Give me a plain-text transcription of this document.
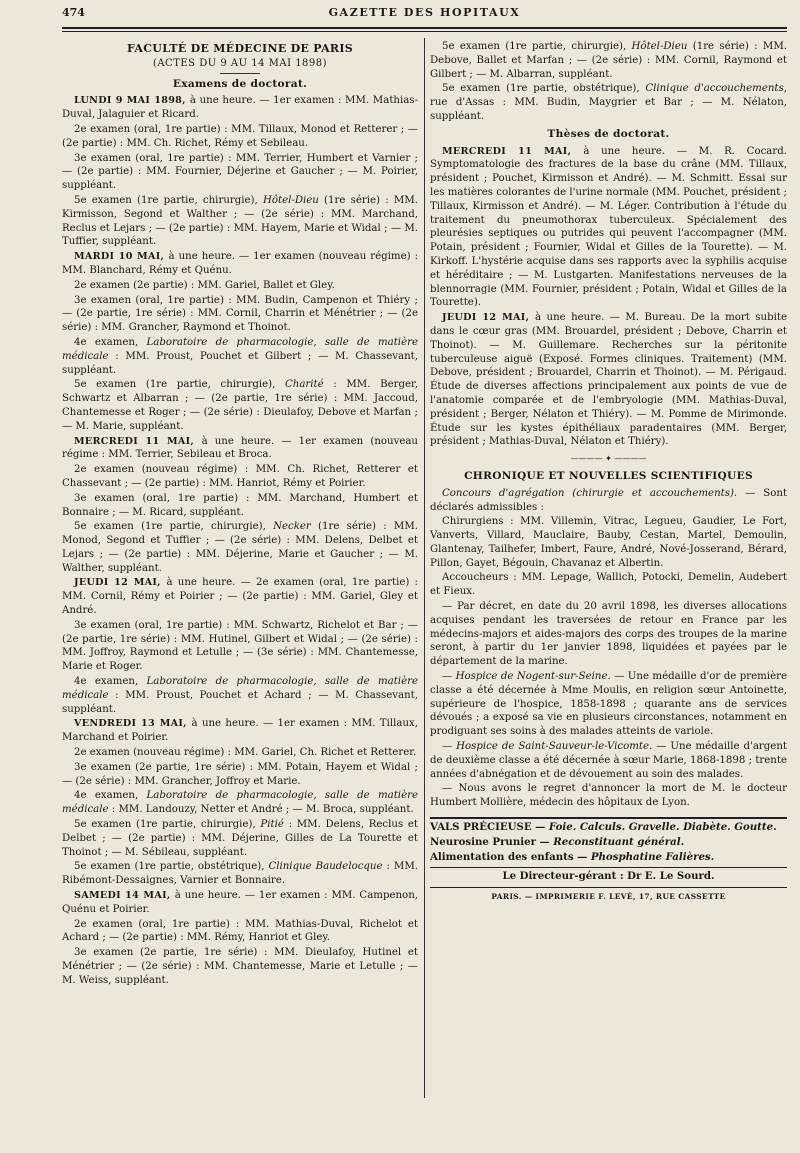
474	GAZETTE DES HOPITAUX
FACULTÉ DE MÉDECINE DE PARIS
(ACTES DU 9 AU 14 MAI 1898)
Examens de doctorat.

LUNDI 9 MAI 1898, à une heure. — 1er examen : MM. Mathias-Duval, Jalaguier et Ricard.

2e examen (oral, 1re partie) : MM. Tillaux, Monod et Retterer ; — (2e partie) : MM. Ch. Richet, Rémy et Sebileau.

3e examen (oral, 1re partie) : MM. Terrier, Humbert et Varnier ; — (2e partie) : MM. Fournier, Déjerine et Gaucher ; — M. Poirier, suppléant.

5e examen (1re partie, chirurgie), Hôtel-Dieu (1re série) : MM. Kirmisson, Segond et Walther ; — (2e série) : MM. Marchand, Reclus et Lejars ; — (2e partie) : MM. Hayem, Marie et Widal ; — M. Tuffier, suppléant.

MARDI 10 MAI, à une heure. — 1er examen (nouveau régime) : MM. Blanchard, Rémy et Quénu.

2e examen (2e partie) : MM. Gariel, Ballet et Gley.

3e examen (oral, 1re partie) : MM. Budin, Campenon et Thiéry ; — (2e partie, 1re série) : MM. Cornil, Charrin et Ménétrier ; — (2e série) : MM. Grancher, Raymond et Thoinot.

4e examen, Laboratoire de pharmacologie, salle de matière médicale : MM. Proust, Pouchet et Gilbert ; — M. Chassevant, suppléant.

5e examen (1re partie, chirurgie), Charité : MM. Berger, Schwartz et Albarran ; — (2e partie, 1re série) : MM. Jaccoud, Chantemesse et Roger ; — (2e série) : Dieulafoy, Debove et Marfan ; — M. Marie, suppléant.

MERCREDI 11 MAI, à une heure. — 1er examen (nouveau régime : MM. Terrier, Sebileau et Broca.

2e examen (nouveau régime) : MM. Ch. Richet, Retterer et Chassevant ; — (2e partie) : MM. Hanriot, Rémy et Poirier.

3e examen (oral, 1re partie) : MM. Marchand, Humbert et Bonnaire ; — M. Ricard, suppléant.

5e examen (1re partie, chirurgie), Necker (1re série) : MM. Monod, Segond et Tuffier ; — (2e série) : MM. Delens, Delbet et Lejars ; — (2e partie) : MM. Déjerine, Marie et Gaucher ; — M. Walther, suppléant.

JEUDI 12 MAI, à une heure. — 2e examen (oral, 1re partie) : MM. Cornil, Rémy et Poirier ; — (2e partie) : MM. Gariel, Gley et André.

3e examen (oral, 1re partie) : MM. Schwartz, Richelot et Bar ; — (2e partie, 1re série) : MM. Hutinel, Gilbert et Widal ; — (2e série) : MM. Joffroy, Raymond et Letulle ; — (3e série) : MM. Chantemesse, Marie et Roger.

4e examen, Laboratoire de pharmacologie, salle de matière médicale : MM. Proust, Pouchet et Achard ; — M. Chassevant, suppléant.

VENDREDI 13 MAI, à une heure. — 1er examen : MM. Tillaux, Marchand et Poirier.

2e examen (nouveau régime) : MM. Gariel, Ch. Richet et Retterer.

3e examen (2e partie, 1re série) : MM. Potain, Hayem et Widal ; — (2e série) : MM. Grancher, Joffroy et Marie.

4e examen, Laboratoire de pharmacologie, salle de matière médicale : MM. Landouzy, Netter et André ; — M. Broca, suppléant.

5e examen (1re partie, chirurgie), Pitié : MM. Delens, Reclus et Delbet ; — (2e partie) : MM. Déjerine, Gilles de La Tourette et Thoinot ; — M. Sébileau, suppléant.

5e examen (1re partie, obstétrique), Clinique Baudelocque : MM. Ribémont-Dessaignes, Varnier et Bonnaire.

SAMEDI 14 MAI, à une heure. — 1er examen : MM. Campenon, Quénu et Poirier.

2e examen (oral, 1re partie) : MM. Mathias-Duval, Richelot et Achard ; — (2e partie) : MM. Rémy, Hanriot et Gley.

3e examen (2e partie, 1re série) : MM. Dieulafoy, Hutinel et Ménétrier ; — (2e série) : MM. Chantemesse, Marie et Letulle ; — M. Weiss, suppléant.

5e examen (1re partie, chirurgie), Hôtel-Dieu (1re série) : MM. Debove, Ballet et Marfan ; — (2e série) : MM. Cornil, Raymond et Gilbert ; — M. Albarran, suppléant.

5e examen (1re partie, obstétrique), Clinique d'accouchements, rue d'Assas : MM. Budin, Maygrier et Bar ; — M. Nélaton, suppléant.

Thèses de doctorat.

MERCREDI 11 MAI, à une heure. — M. R. Cocard. Symptomatologie des fractures de la base du crâne (MM. Tillaux, président ; Pouchet, Kirmisson et André). — M. Schmitt. Essai sur les matières colorantes de l'urine normale (MM. Pouchet, président ; Tillaux, Kirmisson et André). — M. Léger. Contribution à l'étude du traitement du pneumothorax tuberculeux. Spécialement des pleurésies septiques ou putrides qui peuvent l'accompagner (MM. Potain, président ; Fournier, Widal et Gilles de la Tourette). — M. Kirkoff. L'hystérie acquise dans ses rapports avec la syphilis acquise et héréditaire ; — M. Lustgarten. Manifestations nerveuses de la blennorragie (MM. Fournier, président ; Potain, Widal et Gilles de la Tourette).

JEUDI 12 MAI, à une heure. — M. Bureau. De la mort subite dans le cœur gras (MM. Brouardel, président ; Debove, Charrin et Thoinot). — M. Guillemare. Recherches sur la péritonite tuberculeuse aiguë (Exposé. Formes cliniques. Traitement) (MM. Debove, président ; Brouardel, Charrin et Thoinot). — M. Périgaud. Étude de diverses affections principalement aux points de vue de l'anatomie comparée et de l'embryologie (MM. Mathias-Duval, président ; Berger, Nélaton et Thiéry). — M. Pomme de Mirimonde. Étude sur les kystes épithéliaux paradentaires (MM. Berger, président ; Mathias-Duval, Nélaton et Thiéry).

———— ✦ ————
CHRONIQUE ET NOUVELLES SCIENTIFIQUES

Concours d'agrégation (chirurgie et accouchements). — Sont déclarés admissibles :

Chirurgiens : MM. Villemin, Vitrac, Legueu, Gaudier, Le Fort, Vanverts, Villard, Mauclaire, Bauby, Cestan, Martel, Demoulin, Glantenay, Tailhefer, Imbert, Faure, André, Nové-Josserand, Bérard, Pillon, Gayet, Bégouin, Chavanaz et Albertin.

Accoucheurs : MM. Lepage, Wallich, Potocki, Demelin, Audebert et Fieux.

— Par décret, en date du 20 avril 1898, les diverses allocations acquises pendant les traversées de retour en France par les médecins-majors et aides-majors des corps des troupes de la marine seront, à partir du 1er janvier 1898, liquidées et payées par le département de la marine.

— Hospice de Nogent-sur-Seine. — Une médaille d'or de première classe a été décernée à Mme Moulis, en religion sœur Antoinette, supérieure de l'hospice, 1858-1898 ; quarante ans de services dévoués ; a exposé sa vie en plusieurs circonstances, notamment en prodiguant ses soins à des malades atteints de variole.

— Hospice de Saint-Sauveur-le-Vicomte. — Une médaille d'argent de deuxième classe a été décernée à sœur Marie, 1868-1898 ; trente années d'abnégation et de dévouement au soin des malades.

— Nous avons le regret d'annoncer la mort de M. le docteur Humbert Mollière, médecin des hôpitaux de Lyon.

VALS PRÉCIEUSE — Foie. Calculs. Gravelle. Diabète. Goutte.

Neurosine Prunier — Reconstituant général.

Alimentation des enfants — Phosphatine Falières.

Le Directeur-gérant : Dr E. Le Sourd.

PARIS. — IMPRIMERIE F. LEVÉ, 17, RUE CASSETTE
